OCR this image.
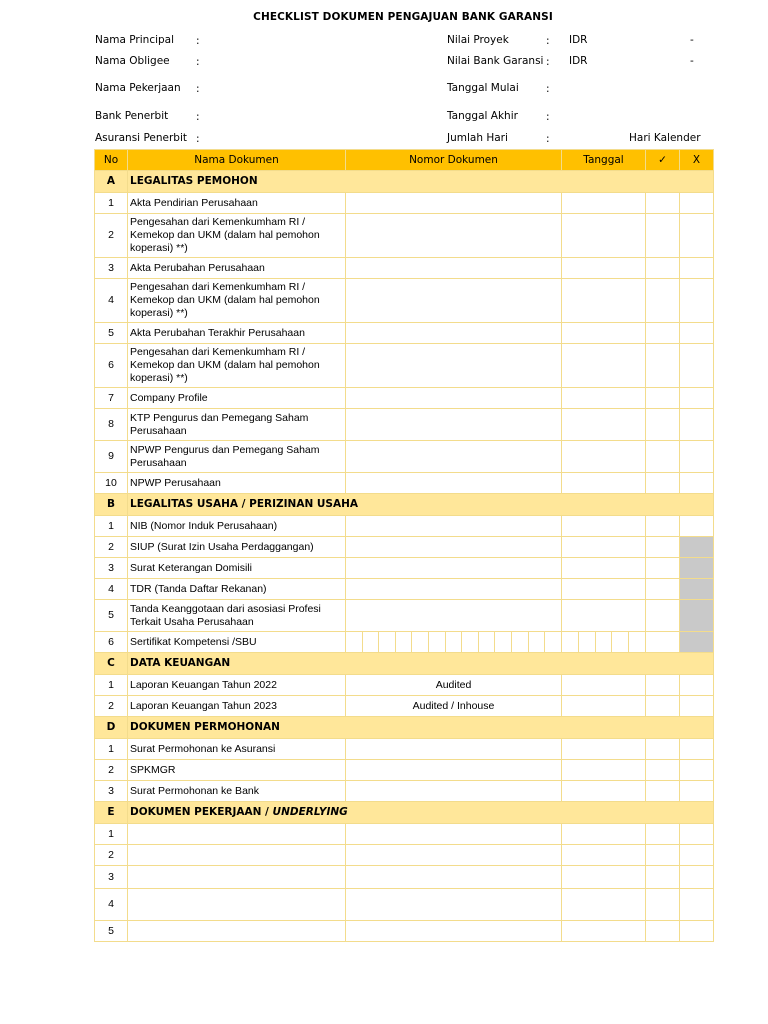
CHECKLIST DOKUMEN PENGAJUAN BANK GARANSI
Nama Principal :
Nama Obligee	:
Nama Pekerjaan :
Bank Penerbit	:
Asuransi Penerbit :
Nilai Proyek	: IDR	-
Nilai Bank Garansi : IDR	-
Tanggal Mulai	:
Tanggal Akhir	:
Jumlah Hari	:	Hari Kalender
No	Nama Dokumen	Nomor Dokumen	Tanggal	✓	X
A	LEGALITAS PEMOHON				
1	Akta Pendirian Perusahaan				
2	Pengesahan dari Kemenkumham RI / Kemekop dan UKM (dalam hal pemohon koperasi) **)				
3	Akta Perubahan Perusahaan				
4	Pengesahan dari Kemenkumham RI / Kemekop dan UKM (dalam hal pemohon koperasi) **)				
5	Akta Perubahan Terakhir Perusahaan				
6	Pengesahan dari Kemenkumham RI / Kemekop dan UKM (dalam hal pemohon koperasi) **)				
7	Company Profile				
8	KTP Pengurus dan Pemegang Saham Perusahaan				
9	NPWP Pengurus dan Pemegang Saham Perusahaan				
10	NPWP Perusahaan				
B	LEGALITAS USAHA / PERIZINAN USAHA				
1	NIB (Nomor Induk Perusahaan)				
2	SIUP (Surat Izin Usaha Perdaggangan)				
3	Surat Keterangan Domisili				
4	TDR (Tanda Daftar Rekanan)				
5	Tanda Keanggotaan dari asosiasi Profesi Terkait Usaha Perusahaan				
6	Sertifikat Kompetensi /SBU	

C	DATA KEUANGAN				
1	Laporan Keuangan Tahun 2022	Audited			
2	Laporan Keuangan Tahun 2023	Audited / Inhouse			
D	DOKUMEN PERMOHONAN				
1	Surat Permohonan ke Asuransi				
2	SPKMGR				
3	Surat Permohonan ke Bank				
E	DOKUMEN PEKERJAAN / UNDERLYING				
1					
2					
3					
4					
5					
